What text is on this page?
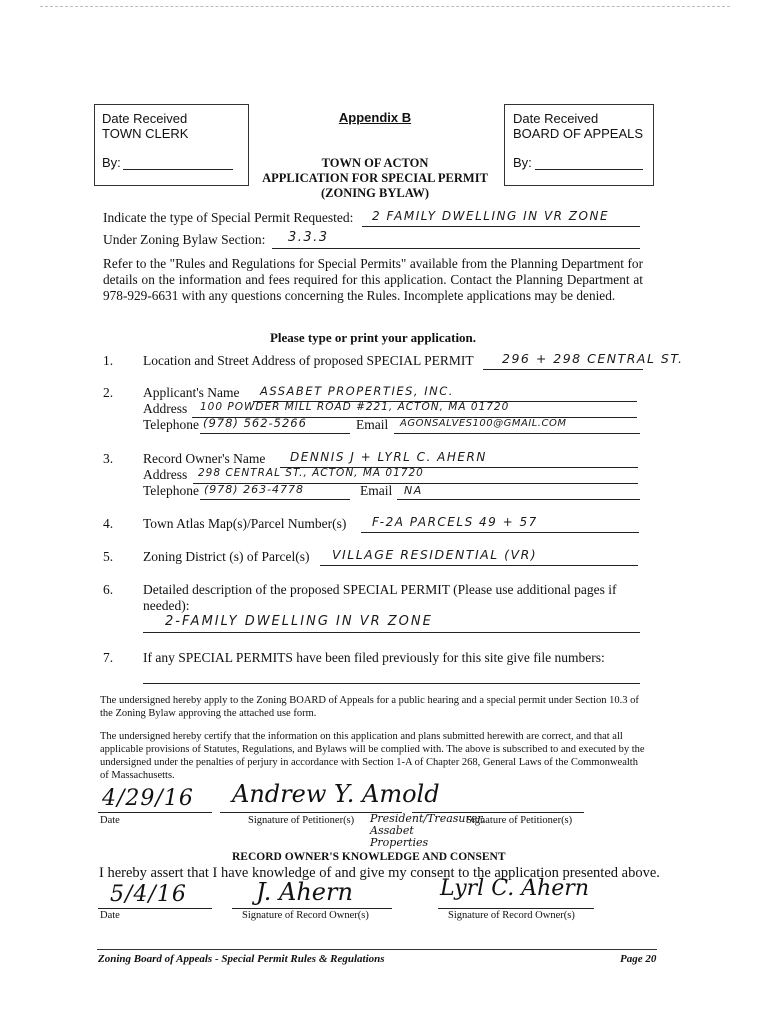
Date Received
TOWN CLERK
By:
Date Received
BOARD OF APPEALS
By:
Appendix B
TOWN OF ACTON
APPLICATION FOR SPECIAL PERMIT
(ZONING BYLAW)
Indicate the type of Special Permit Requested: 2 FAMILY DWELLING IN VR ZONE
Under Zoning Bylaw Section: 3.3.3
Refer to the "Rules and Regulations for Special Permits" available from the Planning Department for details on the information and fees required for this application. Contact the Planning Department at 978-929-6631 with any questions concerning the Rules. Incomplete applications may be denied.
Please type or print your application.
1. Location and Street Address of proposed SPECIAL PERMIT 296 + 298 CENTRAL ST.
2. Applicant's Name ASSABET PROPERTIES, INC.
Address 100 POWDER MILL ROAD #221, ACTON, MA 01720
Telephone (978) 562-5266	Email AGONSALVES100@GMAIL.COM
3. Record Owner's Name DENNIS J + LYRL C. AHERN
Address 298 CENTRAL ST., ACTON, MA 01720
Telephone (978) 263-4778	Email NA
4. Town Atlas Map(s)/Parcel Number(s) F-2A PARCELS 49 + 57
5. Zoning District (s) of Parcel(s) VILLAGE RESIDENTIAL (VR)
6. Detailed description of the proposed SPECIAL PERMIT (Please use additional pages if needed):
2-FAMILY DWELLING IN VR ZONE
7. If any SPECIAL PERMITS have been filed previously for this site give file numbers:
The undersigned hereby apply to the Zoning BOARD of Appeals for a public hearing and a special permit under Section 10.3 of the Zoning Bylaw approving the attached use form.
The undersigned hereby certify that the information on this application and plans submitted herewith are correct, and that all applicable provisions of Statutes, Regulations, and Bylaws will be complied with. The above is subscribed to and executed by the undersigned under the penalties of perjury in accordance with Section 1-A of Chapter 268, General Laws of the Commonwealth of Massachusetts.
4/29/16
Date
Andrew Y. Amold
Signature of Petitioner(s) President/Treasurer, Assabet Properties
Signature of Petitioner(s)
RECORD OWNER'S KNOWLEDGE AND CONSENT
I hereby assert that I have knowledge of and give my consent to the application presented above.
5/4/16
Date
J. Ahern
Signature of Record Owner(s)
Lyrl C. Ahern
Signature of Record Owner(s)
Zoning Board of Appeals - Special Permit Rules & Regulations	Page 20
